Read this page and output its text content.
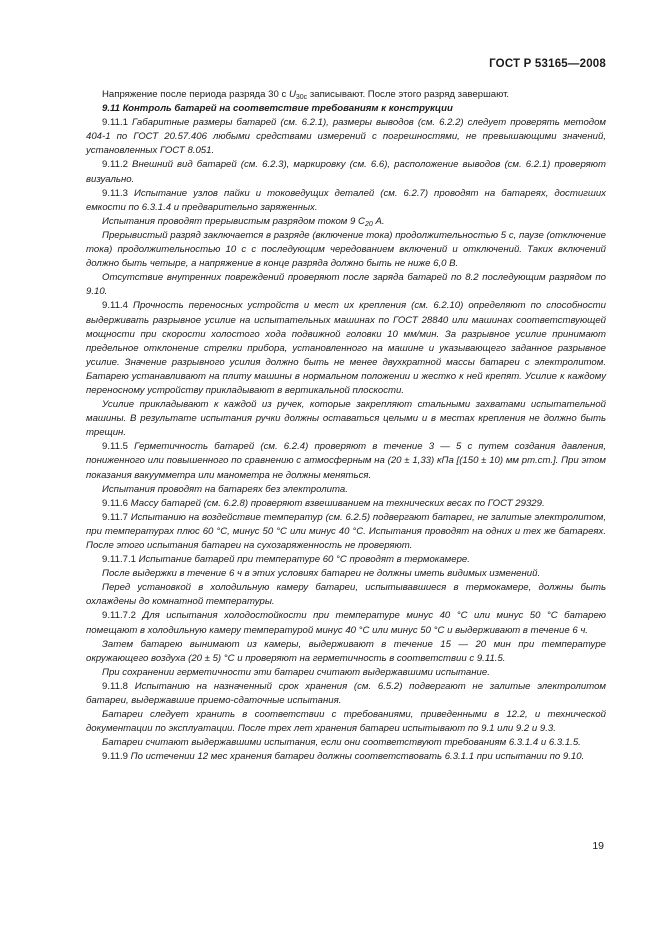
ГОСТ Р 53165—2008

Напряжение после периода разряда 30 с $U_{30c}$ записывают. После этого разряд завершают.

9.11 Контроль батарей на соответствие требованиям к конструкции

9.11.1 Габаритные размеры батарей (см. 6.2.1), размеры выводов (см. 6.2.2) следует проверять методом 404-1 по ГОСТ 20.57.406 любыми средствами измерений с погрешностями, не превышающими значений, установленных ГОСТ 8.051.

9.11.2 Внешний вид батарей (см. 6.2.3), маркировку (см. 6.6), расположение выводов (см. 6.2.1) проверяют визуально.

9.11.3 Испытание узлов пайки и токоведущих деталей (см. 6.2.7) проводят на батареях, достигших емкости по 6.3.1.4 и предварительно заряженных.

Испытания проводят прерывистым разрядом током 9 $C_{20}$ А.

Прерывистый разряд заключается в разряде (включение тока) продолжительностью 5 с, паузе (отключение тока) продолжительностью 10 с с последующим чередованием включений и отключений. Таких включений должно быть четыре, а напряжение в конце разряда должно быть не ниже 6,0 В.

Отсутствие внутренних повреждений проверяют после заряда батарей по 8.2 последующим разрядом по 9.10.

9.11.4 Прочность переносных устройств и мест их крепления (см. 6.2.10) определяют по способности выдерживать разрывное усилие на испытательных машинах по ГОСТ 28840 или машинах соответствующей мощности при скорости холостого хода подвижной головки 10 мм/мин. За разрывное усилие принимают предельное отклонение стрелки прибора, установленного на машине и указывающего заданное разрывное усилие. Значение разрывного усилия должно быть не менее двухкратной массы батареи с электролитом. Батарею устанавливают на плиту машины в нормальном положении и жестко к ней крепят. Усилие к каждому переносному устройству прикладывают в вертикальной плоскости.

Усилие прикладывают к каждой из ручек, которые закрепляют стальными захватами испытательной машины. В результате испытания ручки должны оставаться целыми и в местах крепления не должно быть трещин.

9.11.5 Герметичность батарей (см. 6.2.4) проверяют в течение 3 — 5 с путем создания давления, пониженного или повышенного по сравнению с атмосферным на (20 ± 1,33) кПа [(150 ± 10) мм рт.ст.]. При этом показания вакуумметра или манометра не должны меняться.

Испытания проводят на батареях без электролита.

9.11.6 Массу батарей (см. 6.2.8) проверяют взвешиванием на технических весах по ГОСТ 29329.

9.11.7 Испытанию на воздействие температур (см. 6.2.5) подвергают батареи, не залитые электролитом, при температурах плюс 60 °С, минус 50 °С или минус 40 °С. Испытания проводят на одних и тех же батареях. После этого испытания батареи на сухозаряженность не проверяют.

9.11.7.1 Испытание батарей при температуре 60 °С проводят в термокамере.

После выдержки в течение 6 ч в этих условиях батареи не должны иметь видимых изменений.

Перед установкой в холодильную камеру батареи, испытывавшиеся в термокамере, должны быть охлаждены до комнатной температуры.

9.11.7.2 Для испытания холодостойкости при температуре минус 40 °С или минус 50 °С батарею помещают в холодильную камеру температурой минус 40 °С или минус 50 °С и выдерживают в течение 6 ч.

Затем батарею вынимают из камеры, выдерживают в течение 15 — 20 мин при температуре окружающего воздуха (20 ± 5) °С и проверяют на герметичность в соответствии с 9.11.5.

При сохранении герметичности эти батареи считают выдержавшими испытание.

9.11.8 Испытанию на назначенный срок хранения (см. 6.5.2) подвергают не залитые электролитом батареи, выдержавшие приемо-сдаточные испытания.

Батареи следует хранить в соответствии с требованиями, приведенными в 12.2, и технической документации по эксплуатации. После трех лет хранения батареи испытывают по 9.1 или 9.2 и 9.3.

Батареи считают выдержавшими испытания, если они соответствуют требованиям 6.3.1.4 и 6.3.1.5.

9.11.9 По истечении 12 мес хранения батареи должны соответствовать 6.3.1.1 при испытании по 9.10.

19
